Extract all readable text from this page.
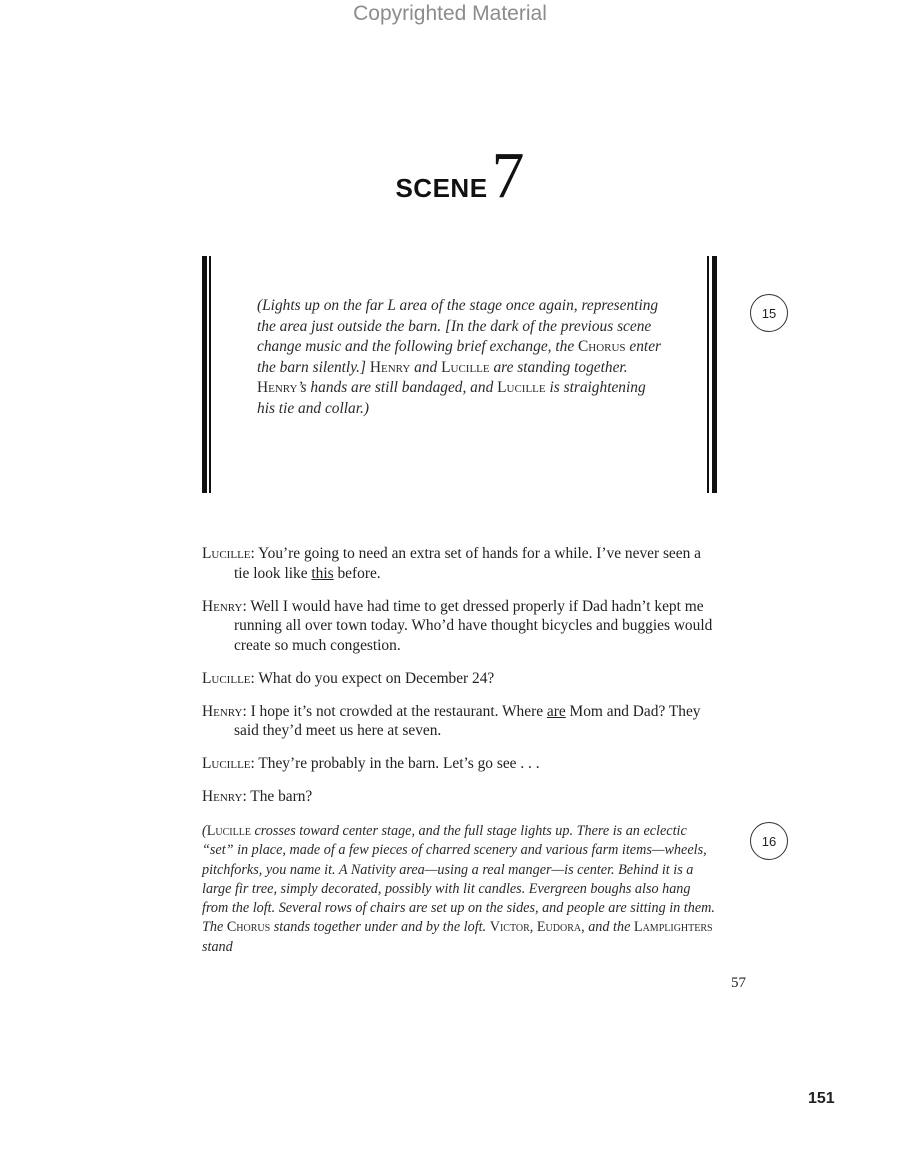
Copyrighted Material
SCENE7
(Lights up on the far L area of the stage once again, representing the area just outside the barn. [In the dark of the previous scene change music and the following brief exchange, the Chorus enter the barn silently.] Henry and Lucille are standing together. Henry’s hands are still bandaged, and Lucille is straightening his tie and collar.)
15
16

Lucille: You’re going to need an extra set of hands for a while. I’ve never seen a tie look like this before.

Henry: Well I would have had time to get dressed properly if Dad hadn’t kept me running all over town today. Who’d have thought bicycles and buggies would create so much congestion.

Lucille: What do you expect on December 24?

Henry: I hope it’s not crowded at the restaurant. Where are Mom and Dad? They said they’d meet us here at seven.

Lucille: They’re probably in the barn. Let’s go see . . .

Henry: The barn?

(Lucille crosses toward center stage, and the full stage lights up. There is an eclectic “set” in place, made of a few pieces of charred scenery and various farm items—wheels, pitchforks, you name it. A Nativity area—using a real manger—is center. Behind it is a large fir tree, simply decorated, possibly with lit candles. Evergreen boughs also hang from the loft. Several rows of chairs are set up on the sides, and people are sitting in them. The Chorus stands together under and by the loft. Victor, Eudora, and the Lamplighters stand
57
151
